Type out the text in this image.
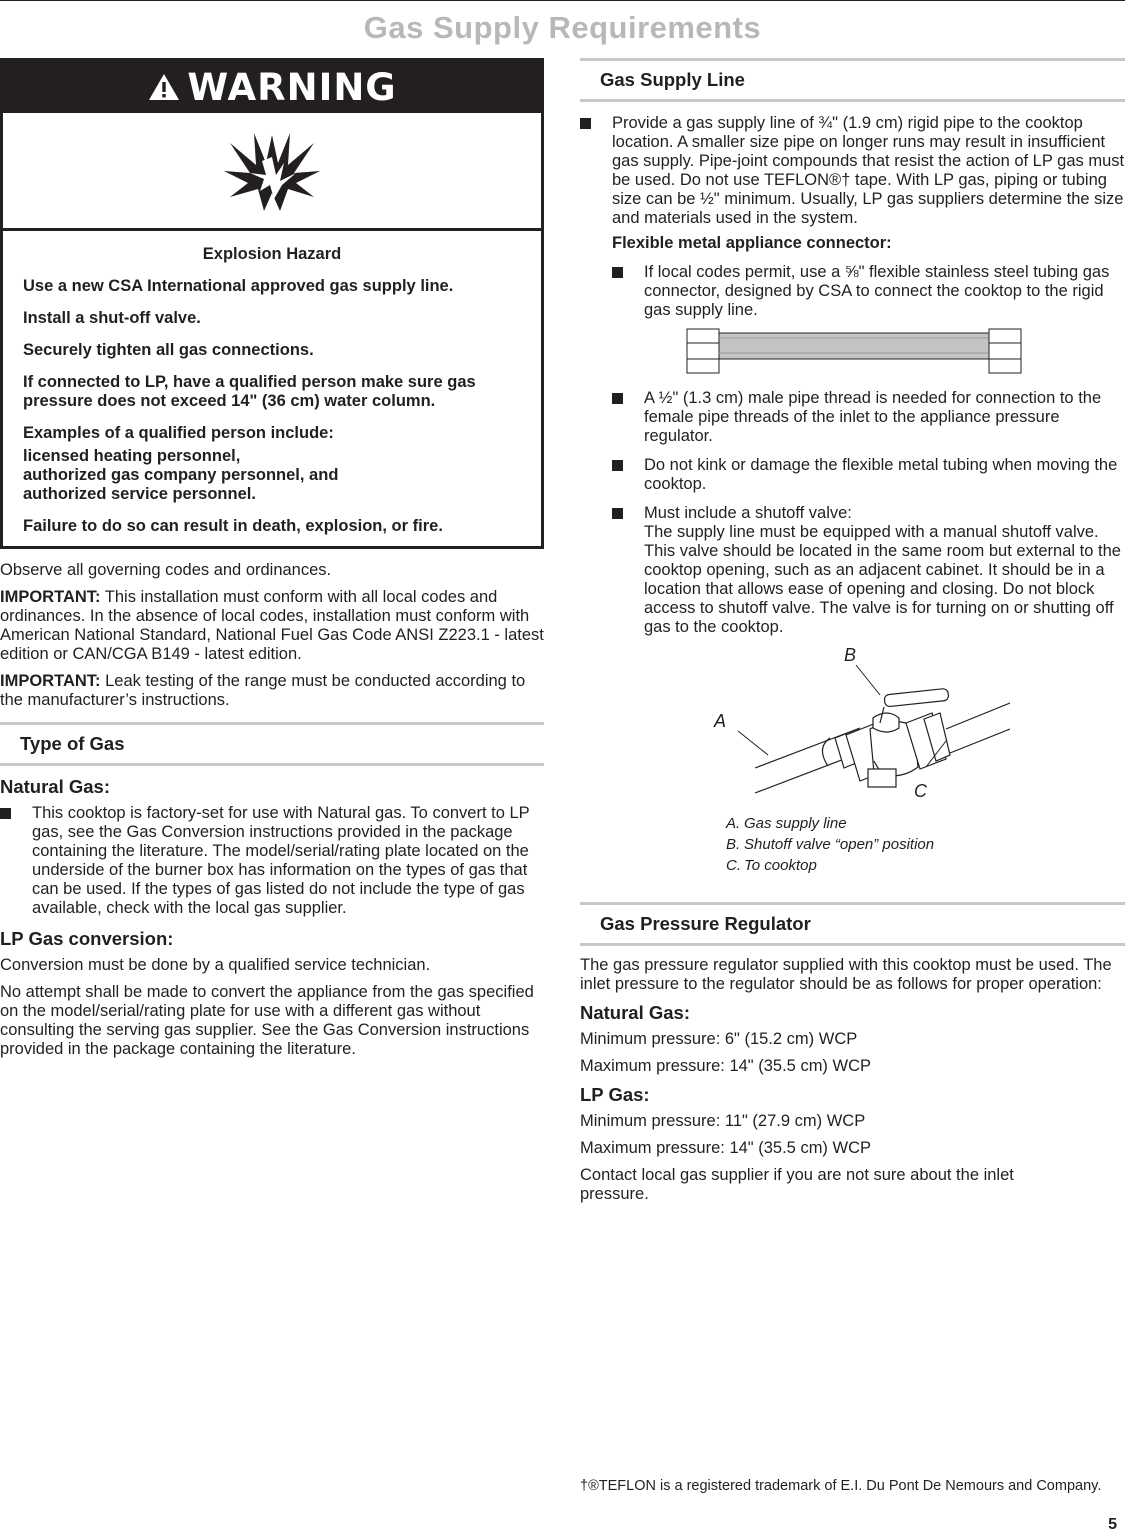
Gas Supply Requirements
WARNING

Explosion Hazard

Use a new CSA International approved gas supply line.

Install a shut-off valve.

Securely tighten all gas connections.

If connected to LP, have a qualified person make sure gas pressure does not exceed 14" (36 cm) water column.

Examples of a qualified person include:

licensed heating personnel,
authorized gas company personnel, and
authorized service personnel.

Failure to do so can result in death, explosion, or fire.

Observe all governing codes and ordinances.

IMPORTANT: This installation must conform with all local codes and ordinances. In the absence of local codes, installation must conform with American National Standard, National Fuel Gas Code ANSI Z223.1 - latest edition or CAN/CGA B149 - latest edition.

IMPORTANT: Leak testing of the range must be conducted according to the manufacturer’s instructions.

Type of Gas
Natural Gas:
This cooktop is factory-set for use with Natural gas. To convert to LP gas, see the Gas Conversion instructions provided in the package containing the literature. The model/serial/rating plate located on the underside of the burner box has information on the types of gas that can be used. If the types of gas listed do not include the type of gas available, check with the local gas supplier.
LP Gas conversion:

Conversion must be done by a qualified service technician.

No attempt shall be made to convert the appliance from the gas specified on the model/serial/rating plate for use with a different gas without consulting the serving gas supplier. See the Gas Conversion instructions provided in the package containing the literature.

Gas Supply Line
Provide a gas supply line of ¾" (1.9 cm) rigid pipe to the cooktop location. A smaller size pipe on longer runs may result in insufficient gas supply. Pipe-joint compounds that resist the action of LP gas must be used. Do not use TEFLON®† tape. With LP gas, piping or tubing size can be ½" minimum. Usually, LP gas suppliers determine the size and materials used in the system.
Flexible metal appliance connector:
If local codes permit, use a ⅝" flexible stainless steel tubing gas connector, designed by CSA to connect the cooktop to the rigid gas supply line.
A ½" (1.3 cm) male pipe thread is needed for connection to the female pipe threads of the inlet to the appliance pressure regulator.
Do not kink or damage the flexible metal tubing when moving the cooktop.
Must include a shutoff valve:
The supply line must be equipped with a manual shutoff valve. This valve should be located in the same room but external to the cooktop opening, such as an adjacent cabinet. It should be in a location that allows ease of opening and closing. Do not block access to shutoff valve. The valve is for turning on or shutting off gas to the cooktop.
B
A
C
A. Gas supply line
B. Shutoff valve “open” position
C. To cooktop
Gas Pressure Regulator

The gas pressure regulator supplied with this cooktop must be used. The inlet pressure to the regulator should be as follows for proper operation:

Natural Gas:

Minimum pressure: 6" (15.2 cm) WCP

Maximum pressure: 14" (35.5 cm) WCP

LP Gas:

Minimum pressure: 11" (27.9 cm) WCP

Maximum pressure: 14" (35.5 cm) WCP

Contact local gas supplier if you are not sure about the inlet pressure.

†®TEFLON is a registered trademark of E.I. Du Pont De Nemours and Company.
5
